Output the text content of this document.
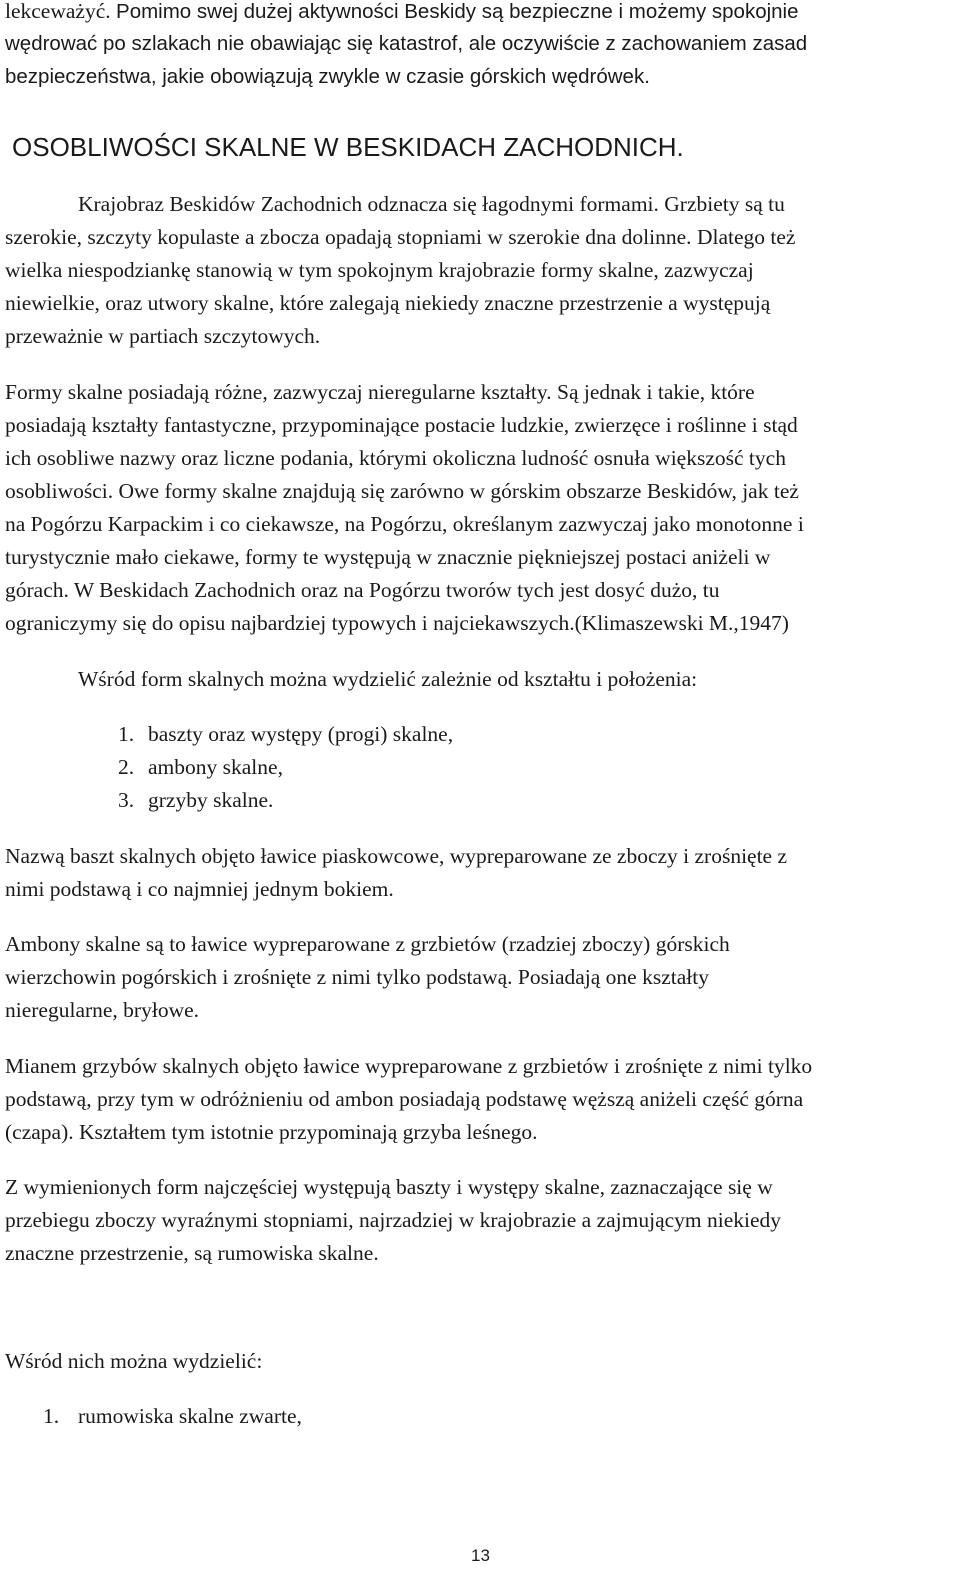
lekceważyć. Pomimo swej dużej aktywności Beskidy są bezpieczne i możemy spokojnie
wędrować po szlakach nie obawiając się katastrof, ale oczywiście z zachowaniem zasad
bezpieczeństwa, jakie obowiązują zwykle w czasie górskich wędrówek.
OSOBLIWOŚCI SKALNE W BESKIDACH ZACHODNICH.
Krajobraz Beskidów Zachodnich odznacza się łagodnymi formami. Grzbiety są tu
szerokie, szczyty kopulaste a zbocza opadają stopniami w szerokie dna dolinne. Dlatego też
wielka niespodziankę stanowią w tym spokojnym krajobrazie formy skalne, zazwyczaj
niewielkie, oraz utwory skalne, które zalegają niekiedy znaczne przestrzenie a występują
przeważnie w partiach szczytowych.
Formy skalne posiadają różne, zazwyczaj nieregularne kształty. Są jednak i takie, które
posiadają kształty fantastyczne, przypominające postacie ludzkie, zwierzęce i roślinne i stąd
ich osobliwe nazwy oraz liczne podania, którymi okoliczna ludność osnuła większość tych
osobliwości. Owe formy skalne znajdują się zarówno w górskim obszarze Beskidów, jak też
na Pogórzu Karpackim i co ciekawsze, na Pogórzu, określanym zazwyczaj jako monotonne i
turystycznie mało ciekawe, formy te występują w znacznie piękniejszej postaci aniżeli w
górach. W Beskidach Zachodnich oraz na Pogórzu tworów tych jest dosyć dużo, tu
ograniczymy się do opisu najbardziej typowych i najciekawszych.(Klimaszewski M.,1947)
Wśród form skalnych można wydzielić zależnie od kształtu i położenia:
1. baszty oraz występy (progi) skalne,
2. ambony skalne,
3. grzyby skalne.
Nazwą baszt skalnych objęto ławice piaskowcowe, wypreparowane ze zboczy i zrośnięte z
nimi podstawą i co najmniej jednym bokiem.
Ambony skalne są to ławice wypreparowane z grzbietów (rzadziej zboczy) górskich
wierzchowin pogórskich i zrośnięte z nimi tylko podstawą. Posiadają one kształty
nieregularne, bryłowe.
Mianem grzybów skalnych objęto ławice wypreparowane z grzbietów i zrośnięte z nimi tylko
podstawą, przy tym w odróżnieniu od ambon posiadają podstawę węższą aniżeli część górna
(czapa). Kształtem tym istotnie przypominają grzyba leśnego.
Z wymienionych form najczęściej występują baszty i występy skalne, zaznaczające się w
przebiegu zboczy wyraźnymi stopniami, najrzadziej w krajobrazie a zajmującym niekiedy
znaczne przestrzenie, są rumowiska skalne.
Wśród nich można wydzielić:
1. rumowiska skalne zwarte,
13
